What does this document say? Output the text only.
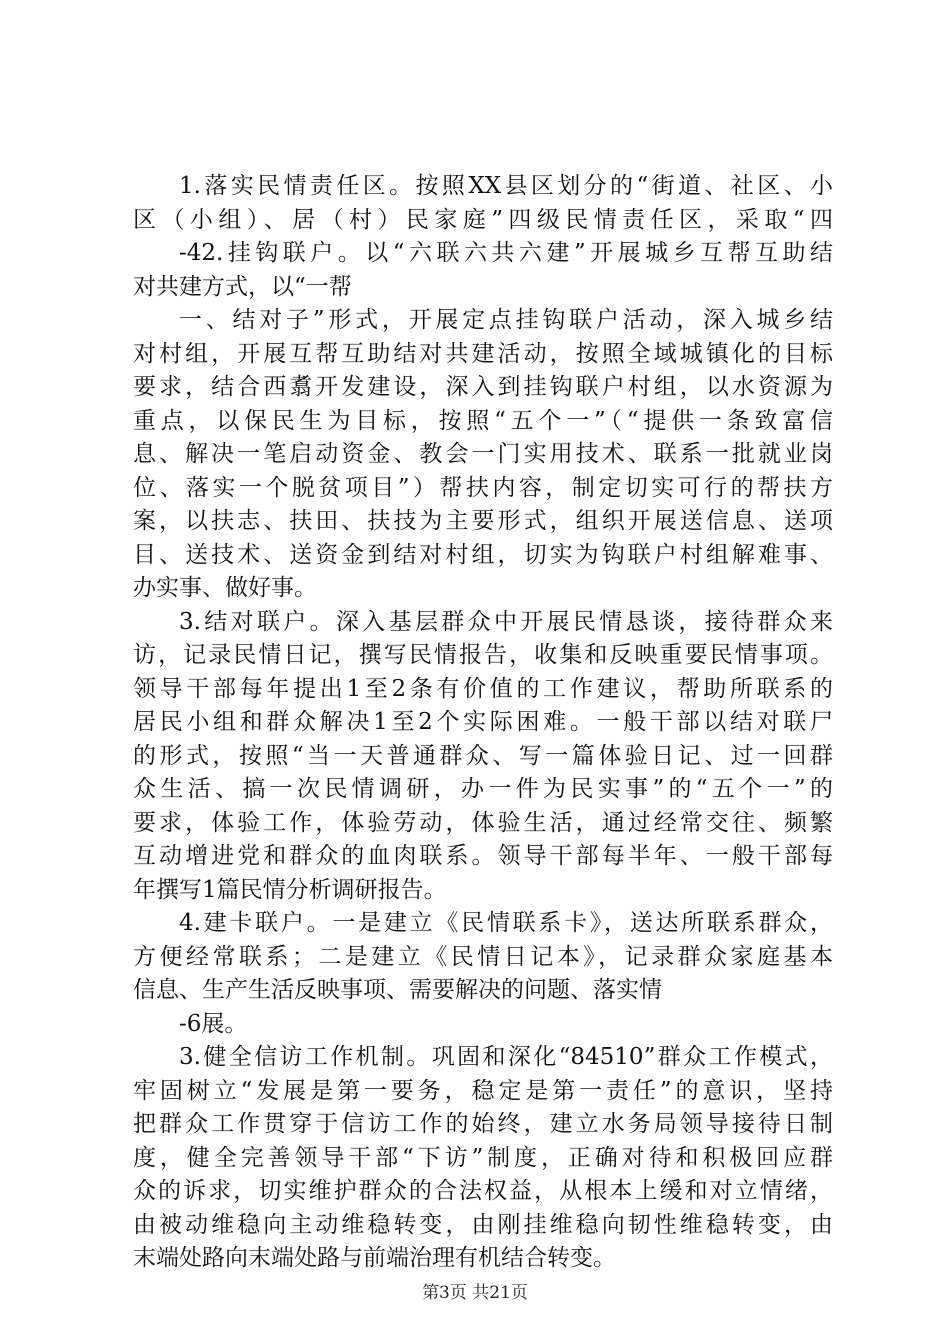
1.落实民情责任区。按照XX县区划分的“街道、社区、小
区（小组）、居（村）民家庭”四级民情责任区，采取“四
-42.挂钩联户。以“六联六共六建”开展城乡互帮互助结
对共建方式，以“一帮
一、结对子”形式，开展定点挂钩联户活动，深入城乡结
对村组，开展互帮互助结对共建活动，按照全域城镇化的目标
要求，结合西翥开发建设，深入到挂钩联户村组，以水资源为
重点，以保民生为目标，按照“五个一”（“提供一条致富信
息、解决一笔启动资金、教会一门实用技术、联系一批就业岗
位、落实一个脱贫项目”）帮扶内容，制定切实可行的帮扶方
案，以扶志、扶田、扶技为主要形式，组织开展送信息、送项
目、送技术、送资金到结对村组，切实为钩联户村组解难事、
办实事、做好事。
3.结对联户。深入基层群众中开展民情恳谈，接待群众来
访，记录民情日记，撰写民情报告，收集和反映重要民情事项。
领导干部每年提出1至2条有价值的工作建议，帮助所联系的
居民小组和群众解决1至2个实际困难。一般干部以结对联尸
的形式，按照“当一天普通群众、写一篇体验日记、过一回群
众生活、搞一次民情调研，办一件为民实事”的“五个一”的
要求，体验工作，体验劳动，体验生活，通过经常交往、频繁
互动增进党和群众的血肉联系。领导干部每半年、一般干部每
年撰写1篇民情分析调研报告。
4.建卡联户。一是建立《民情联系卡》，送达所联系群众，
方便经常联系；二是建立《民情日记本》，记录群众家庭基本
信息、生产生活反映事项、需要解决的问题、落实情
-6展。
3.健全信访工作机制。巩固和深化“84510”群众工作模式，
牢固树立“发展是第一要务，稳定是第一责任”的意识，坚持
把群众工作贯穿于信访工作的始终，建立水务局领导接待日制
度，健全完善领导干部“下访”制度，正确对待和积极回应群
众的诉求，切实维护群众的合法权益，从根本上缓和对立情绪，
由被动维稳向主动维稳转变，由刚挂维稳向韧性维稳转变，由
末端处路向末端处路与前端治理有机结合转变。
第3页 共21页
